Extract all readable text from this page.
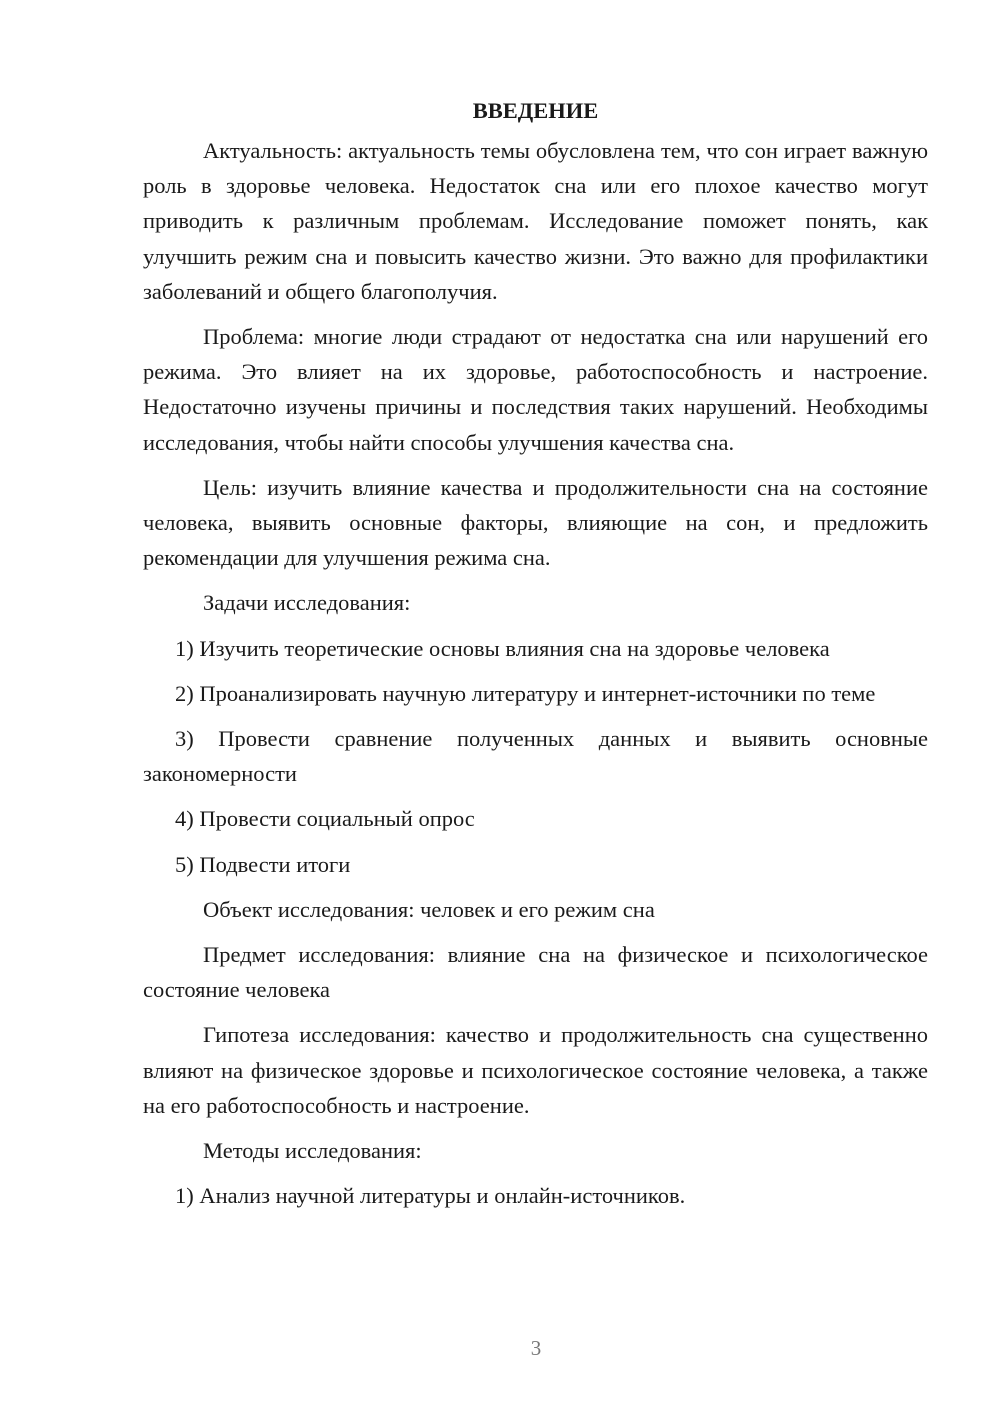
ВВЕДЕНИЕ

Актуальность: актуальность темы обусловлена тем, что сон играет важную роль в здоровье человека. Недостаток сна или его плохое качество могут приводить к различным проблемам. Исследование поможет понять, как улучшить режим сна и повысить качество жизни. Это важно для профилактики заболеваний и общего благополучия.

Проблема: многие люди страдают от недостатка сна или нарушений его режима. Это влияет на их здоровье, работоспособность и настроение. Недостаточно изучены причины и последствия таких нарушений. Необходимы исследования, чтобы найти способы улучшения качества сна.

Цель: изучить влияние качества и продолжительности сна на состояние человека, выявить основные факторы, влияющие на сон, и предложить рекомендации для улучшения режима сна.

Задачи исследования:

1) Изучить теоретические основы влияния сна на здоровье человека

2) Проанализировать научную литературу и интернет-источники по теме

3) Провести сравнение полученных данных и выявить основные закономерности

4) Провести социальный опрос

5) Подвести итоги

Объект исследования: человек и его режим сна

Предмет исследования: влияние сна на физическое и психологическое состояние человека

Гипотеза исследования: качество и продолжительность сна существенно влияют на физическое здоровье и психологическое состояние человека, а также на его работоспособность и настроение.

Методы исследования:

1) Анализ научной литературы и онлайн-источников.

3
